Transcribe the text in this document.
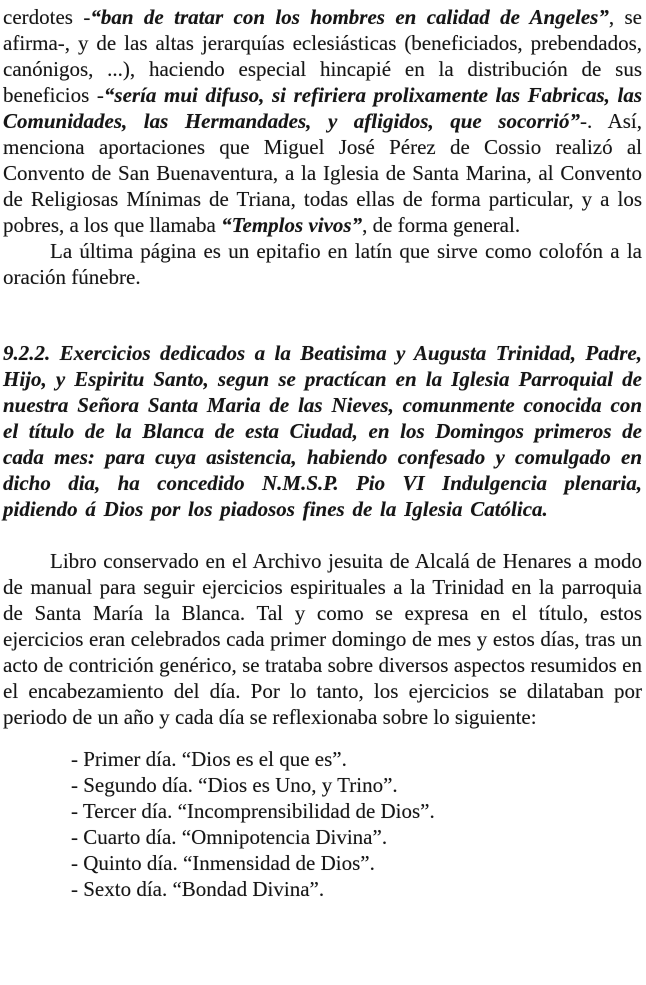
cerdotes -“ban de tratar con los hombres en calidad de Angeles”, se afirma-, y de las altas jerarquías eclesiásticas (beneficiados, prebendados, canónigos, ...), haciendo especial hincapié en la distribución de sus beneficios -“sería mui difuso, si refiriera prolixamente las Fabricas, las Comunidades, las Hermandades, y afligidos, que socorrió”-. Así, menciona aportaciones que Miguel José Pérez de Cossio realizó al Convento de San Buenaventura, a la Iglesia de Santa Marina, al Convento de Religiosas Mínimas de Triana, todas ellas de forma particular, y a los pobres, a los que llamaba “Templos vivos”, de forma general.

La última página es un epitafio en latín que sirve como colofón a la oración fúnebre.

9.2.2. Exercicios dedicados a la Beatisima y Augusta Trinidad, Padre, Hijo, y Espiritu Santo, segun se practícan en la Iglesia Parroquial de nuestra Señora Santa Maria de las Nieves, comunmente conocida con el título de la Blanca de esta Ciudad, en los Domingos primeros de cada mes: para cuya asistencia, habiendo confesado y comulgado en dicho dia, ha concedido N.M.S.P. Pio VI Indulgencia plenaria, pidiendo á Dios por los piadosos fines de la Iglesia Católica.

Libro conservado en el Archivo jesuita de Alcalá de Henares a modo de manual para seguir ejercicios espirituales a la Trinidad en la parroquia de Santa María la Blanca. Tal y como se expresa en el título, estos ejercicios eran celebrados cada primer domingo de mes y estos días, tras un acto de contrición genérico, se trataba sobre diversos aspectos resumidos en el encabezamiento del día. Por lo tanto, los ejercicios se dilataban por periodo de un año y cada día se reflexionaba sobre lo siguiente:

- Primer día. “Dios es el que es”.
- Segundo día. “Dios es Uno, y Trino”.
- Tercer día. “Incomprensibilidad de Dios”.
- Cuarto día. “Omnipotencia Divina”.
- Quinto día. “Inmensidad de Dios”.
- Sexto día. “Bondad Divina”.
